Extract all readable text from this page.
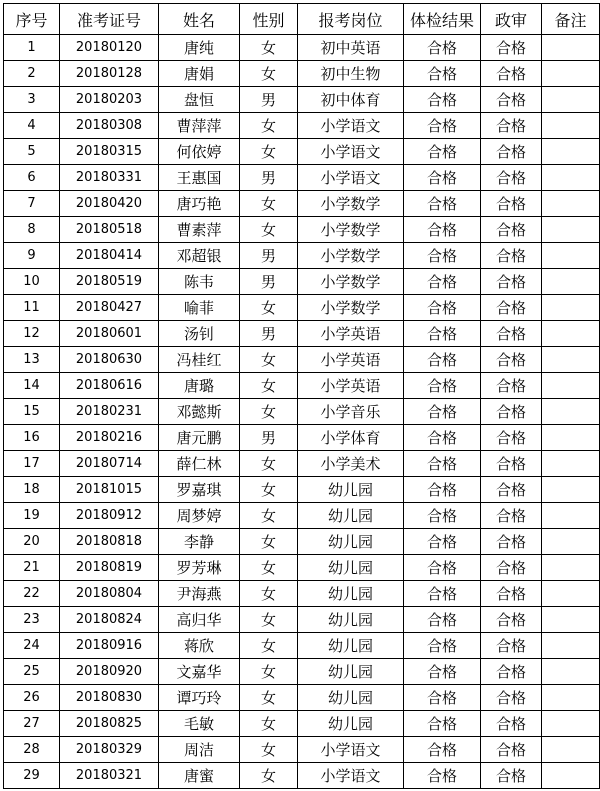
序号	准考证号	姓名	性别	报考岗位	体检结果	政审	备注
1	20180120	唐纯	女	初中英语	合格	合格	
2	20180128	唐娟	女	初中生物	合格	合格	
3	20180203	盘恒	男	初中体育	合格	合格	
4	20180308	曹萍萍	女	小学语文	合格	合格	
5	20180315	何依婷	女	小学语文	合格	合格	
6	20180331	王惠国	男	小学语文	合格	合格	
7	20180420	唐巧艳	女	小学数学	合格	合格	
8	20180518	曹素萍	女	小学数学	合格	合格	
9	20180414	邓超银	男	小学数学	合格	合格	
10	20180519	陈韦	男	小学数学	合格	合格	
11	20180427	喻菲	女	小学数学	合格	合格	
12	20180601	汤钊	男	小学英语	合格	合格	
13	20180630	冯桂红	女	小学英语	合格	合格	
14	20180616	唐璐	女	小学英语	合格	合格	
15	20180231	邓懿斯	女	小学音乐	合格	合格	
16	20180216	唐元鹏	男	小学体育	合格	合格	
17	20180714	薛仁林	女	小学美术	合格	合格	
18	20181015	罗嘉琪	女	幼儿园	合格	合格	
19	20180912	周梦婷	女	幼儿园	合格	合格	
20	20180818	李静	女	幼儿园	合格	合格	
21	20180819	罗芳琳	女	幼儿园	合格	合格	
22	20180804	尹海燕	女	幼儿园	合格	合格	
23	20180824	高归华	女	幼儿园	合格	合格	
24	20180916	蒋欣	女	幼儿园	合格	合格	
25	20180920	文嘉华	女	幼儿园	合格	合格	
26	20180830	谭巧玲	女	幼儿园	合格	合格	
27	20180825	毛敏	女	幼儿园	合格	合格	
28	20180329	周洁	女	小学语文	合格	合格	
29	20180321	唐蜜	女	小学语文	合格	合格	
